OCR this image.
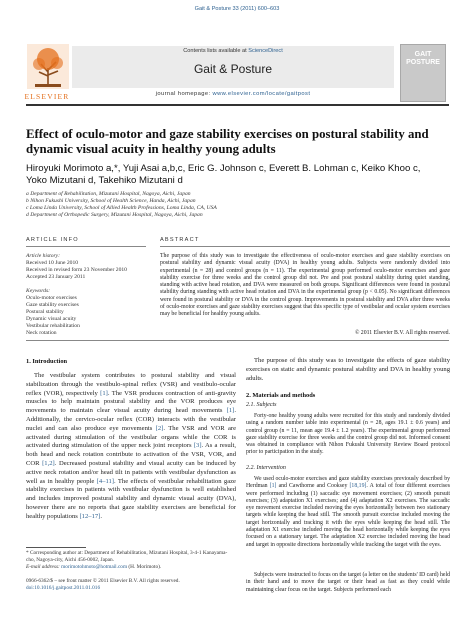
Gait & Posture 33 (2011) 600–603
Contents lists available at ScienceDirect
Gait & Posture
journal homepage: www.elsevier.com/locate/gaitpost
ELSEVIER
GAIT POSTURE
Effect of oculo-motor and gaze stability exercises on postural stability and
dynamic visual acuity in healthy young adults
Hiroyuki Morimoto a,*, Yuji Asai a,b,c, Eric G. Johnson c, Everett B. Lohman c, Keiko Khoo c,
Yoko Mizutani d, Takehiko Mizutani d
a Department of Rehabilitation, Mizutani Hospital, Nagoya, Aichi, Japan
b Nihon Fukushi University, School of Health Science, Handa, Aichi, Japan
c Loma Linda University, School of Allied Health Professions, Loma Linda, CA, USA
d Department of Orthopedic Surgery, Mizutani Hospital, Nagoya, Aichi, Japan
ARTICLE INFO	ABSTRACT
Article history:
Received 10 June 2010
Received in revised form 23 November 2010
Accepted 23 January 2011
Keywords:
Oculo-motor exercises
Gaze stability exercises
Postural stability
Dynamic visual acuity
Vestibular rehabilitation
Neck rotation
The purpose of this study was to investigate the effectiveness of oculo-motor exercises and gaze stability exercises on postural stability and dynamic visual acuity (DVA) in healthy young adults. Subjects were randomly divided into experimental (n = 28) and control groups (n = 11). The experimental group performed oculo-motor exercises and gaze stability exercise for three weeks and the control group did not. Pre and post postural stability during quiet standing, standing with active head rotation, and DVA were measured on both groups. Significant differences were found in postural stability during standing with active head rotation and DVA in the experimental group (p < 0.05). No significant differences were found in postural stability or DVA in the control group. Improvements in postural stability and DVA after three weeks of oculo-motor exercises and gaze stability exercises suggest that this specific type of vestibular and ocular system exercises may be beneficial for healthy young adults.
© 2011 Elsevier B.V. All rights reserved.
1. Introduction
The vestibular system contributes to postural stability and visual stabilization through the vestibulo-spinal reflex (VSR) and vestibulo-ocular reflex (VOR), respectively [1]. The VSR produces contraction of anti-gravity muscles to help maintain postural stability and the VOR produces eye movements to maintain clear visual acuity during head movements [1]. Additionally, the cervico-ocular reflex (COR) interacts with the vestibular nuclei and can also produce eye movements [2]. The VSR and VOR are activated during stimulation of the vestibular organs while the COR is activated during stimulation of the upper neck joint receptors [3]. As a result, both head and neck rotation contribute to activation of the VSR, VOR, and COR [1,2]. Decreased postural stability and visual acuity can be induced by active neck rotation and/or head tilt in patients with vestibular dysfunction as well as in healthy people [4–11]. The effects of vestibular rehabilitation gaze stability exercises in patients with vestibular dysfunction is well established and includes improved postural stability and dynamic visual acuity (DVA), however there are no reports that gaze stability exercises are beneficial for healthy populations [12–17].
The purpose of this study was to investigate the effects of gaze stability exercises on static and dynamic postural stability and DVA in healthy young adults.
2. Materials and methods
2.1. Subjects
Forty-one healthy young adults were recruited for this study and randomly divided using a random number table into experimental (n = 28, ages 19.1 ± 0.6 years) and control group (n = 11, mean age 19.4 ± 1.2 years). The experimental group performed gaze stability exercise for three weeks and the control group did not. Informed consent was obtained in compliance with Nihon Fukushi University Review Board protocol prior to participation in the study.
2.2. Intervention
We used oculo-motor exercises and gaze stability exercises previously described by Herdman [1] and Cawthorne and Cooksey [18,19]. A total of four different exercises were performed including (1) saccadic eye movement exercises; (2) smooth pursuit exercises; (3) adaptation X1 exercises; and (4) adaptation X2 exercises. The saccadic eye movement exercise included moving the eyes horizontally between two stationary targets while keeping the head still. The smooth pursuit exercise included moving the target horizontally and tracking it with the eyes while keeping the head still. The adaptation X1 exercise included moving the head horizontally while keeping the eyes focused on a stationary target. The adaptation X2 exercise included moving the head and target in opposite directions horizontally while tracking the target with the eyes.
Subjects were instructed to focus on the target (a letter on the students' ID card) held in their hand and to move the target or their head as fast as they could while maintaining clear focus on the target. Subjects performed each
* Corresponding author at: Department of Rehabilitation, Mizutani Hospital, 3-4-1 Kanayama-cho, Nagoya-city, Aichi 456-0002, Japan.
E-mail address: morimotohmoto@hotmail.com (H. Morimoto).
0966-6362/$ – see front matter © 2011 Elsevier B.V. All rights reserved.
doi:10.1016/j.gaitpost.2011.01.016
